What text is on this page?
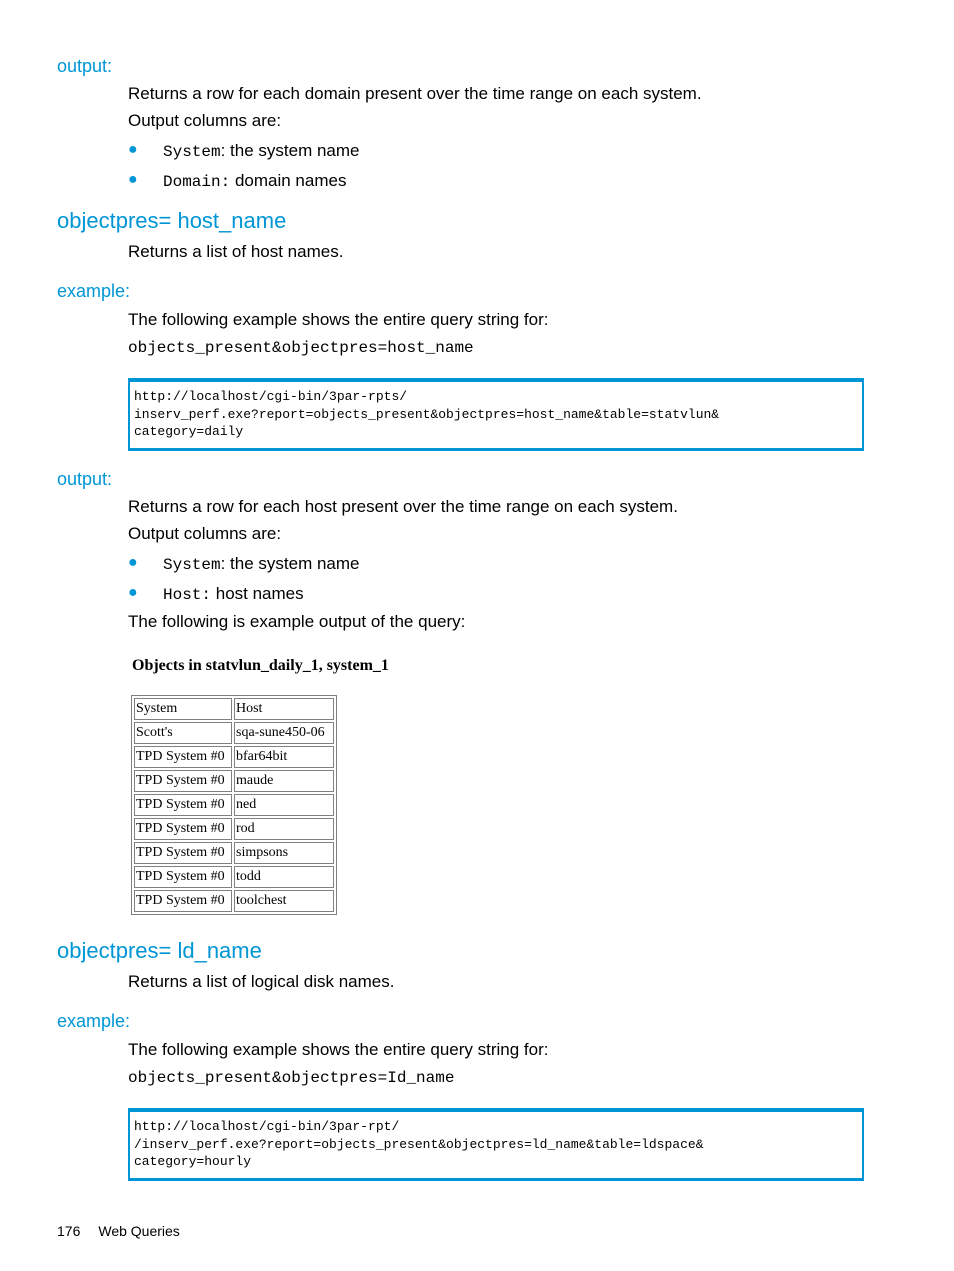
output:
Returns a row for each domain present over the time range on each system.
Output columns are:
● System: the system name
● Domain: domain names
objectpres= host_name
Returns a list of host names.
example:
The following example shows the entire query string for:
objects_present&objectpres=host_name
http://localhost/cgi-bin/3par-rpts/
inserv_perf.exe?report=objects_present&objectpres=host_name&table=statvlun&
category=daily
output:
Returns a row for each host present over the time range on each system.
Output columns are:
● System: the system name
● Host: host names
The following is example output of the query:
Objects in statvlun_daily_1, system_1
System	Host
Scott's	sqa-sune450-06
TPD System #0	bfar64bit
TPD System #0	maude
TPD System #0	ned
TPD System #0	rod
TPD System #0	simpsons
TPD System #0	todd
TPD System #0	toolchest
objectpres= ld_name
Returns a list of logical disk names.
example:
The following example shows the entire query string for:
objects_present&objectpres=Id_name
http://localhost/cgi-bin/3par-rpt/
/inserv_perf.exe?report=objects_present&objectpres=ld_name&table=ldspace&
category=hourly
176 Web Queries
